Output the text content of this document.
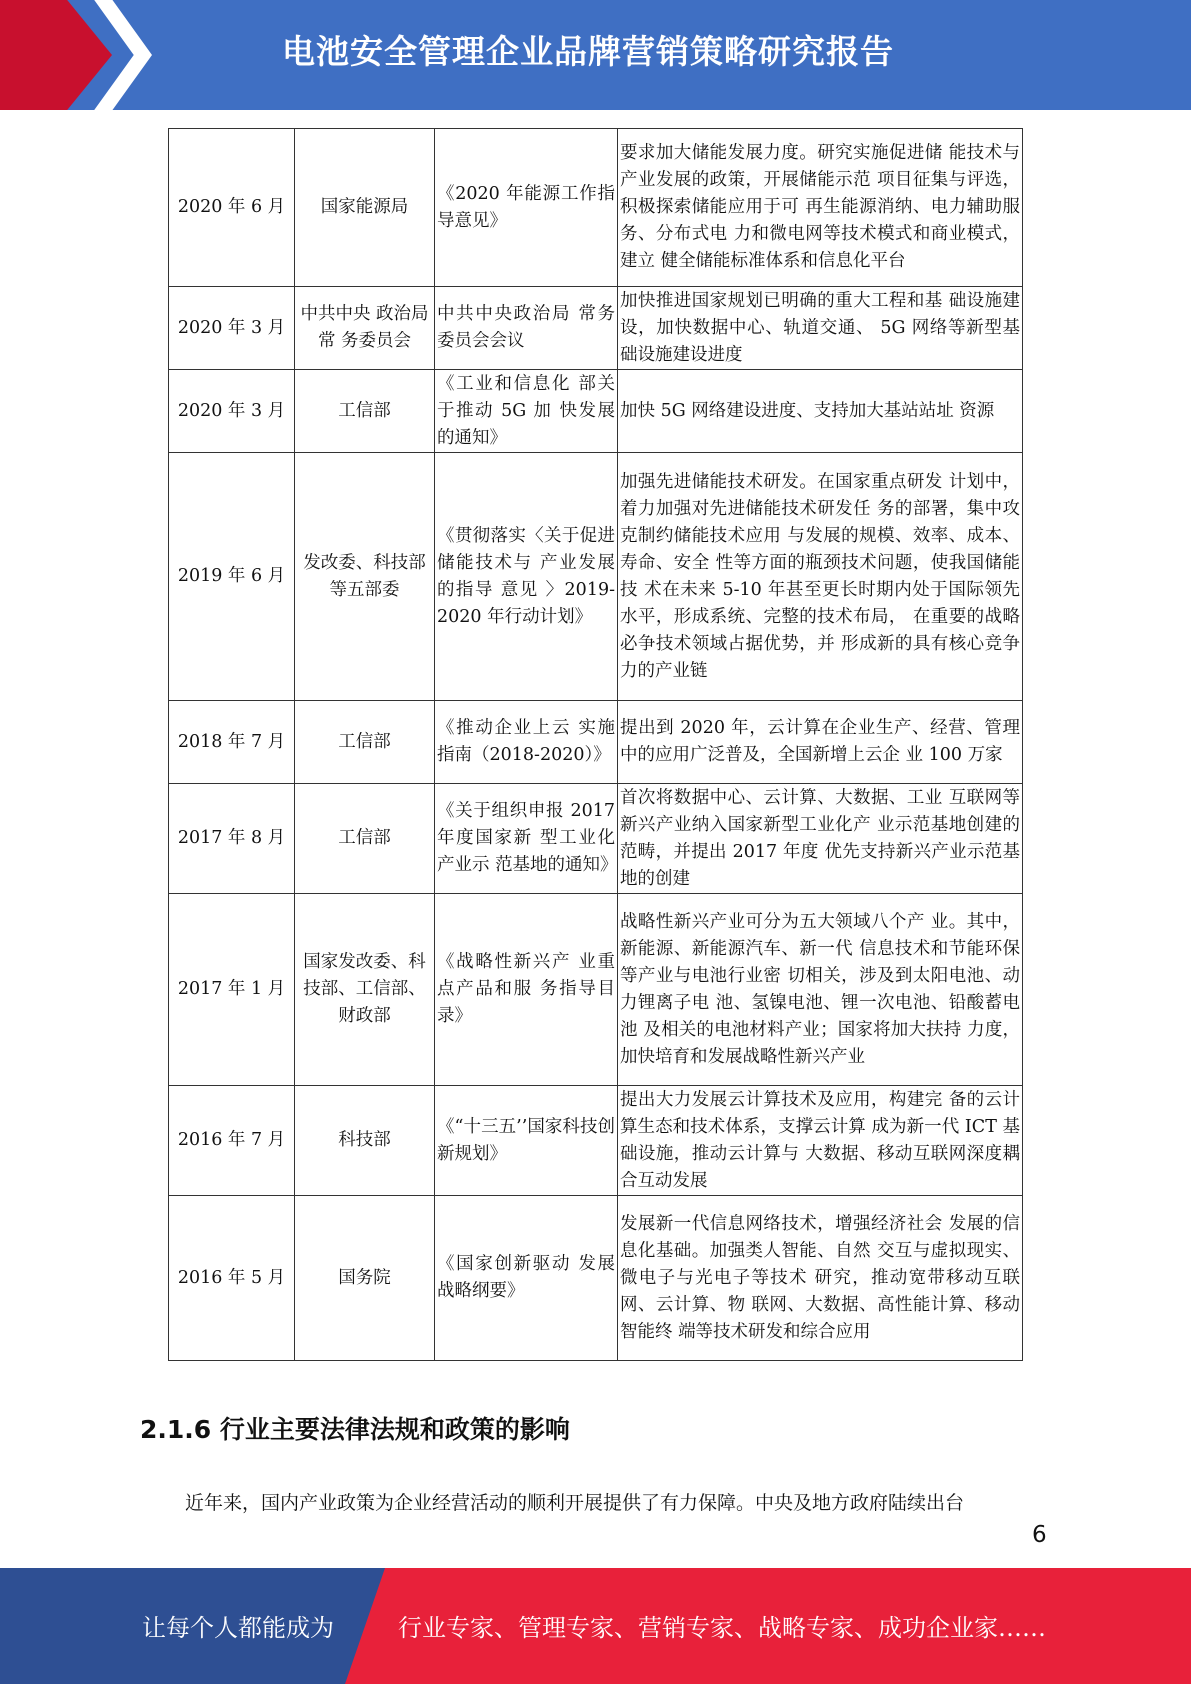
电池安全管理企业品牌营销策略研究报告
2020 年 6 月	国家能源局	《2020 年能源工作指导意见》	要求加大储能发展力度。研究实施促进储 能技术与产业发展的政策，开展储能示范 项目征集与评选，积极探索储能应用于可 再生能源消纳、电力辅助服务、分布式电 力和微电网等技术模式和商业模式，建立 健全储能标准体系和信息化平台
2020 年 3 月	中共中央 政治局常 务委员会	中共中央政治局 常务委员会会议	加快推进国家规划已明确的重大工程和基 础设施建设，加快数据中心、轨道交通、 5G 网络等新型基础设施建设进度
2020 年 3 月	工信部	《工业和信息化 部关于推动 5G 加 快发展的通知》	加快 5G 网络建设进度、支持加大基站站址 资源
2019 年 6 月	发改委、科技部等五部委	《贯彻落实〈关于促进储能技术与 产业发展的指导 意见 〉2019-2020 年行动计划》	加强先进储能技术研发。在国家重点研发 计划中，着力加强对先进储能技术研发任 务的部署，集中攻克制约储能技术应用 与发展的规模、效率、成本、寿命、安全 性等方面的瓶颈技术问题，使我国储能技 术在未来 5-10 年甚至更长时期内处于国际领先水平，形成系统、完整的技术布局， 在重要的战略必争技术领域占据优势，并 形成新的具有核心竞争力的产业链
2018 年 7 月	工信部	《推动企业上云 实施指南（2018-2020）》	提出到 2020 年，云计算在企业生产、经营、管理中的应用广泛普及，全国新增上云企 业 100 万家
2017 年 8 月	工信部	《关于组织申报 2017 年度国家新 型工业化产业示 范基地的通知》	首次将数据中心、云计算、大数据、工业 互联网等新兴产业纳入国家新型工业化产 业示范基地创建的范畴，并提出 2017 年度 优先支持新兴产业示范基地的创建
2017 年 1 月	国家发改委、科技部、工信部、财政部	《战略性新兴产 业重点产品和服 务指导目录》	战略性新兴产业可分为五大领域八个产 业。其中，新能源、新能源汽车、新一代 信息技术和节能环保等产业与电池行业密 切相关，涉及到太阳电池、动力锂离子电 池、氢镍电池、锂一次电池、铅酸蓄电池 及相关的电池材料产业；国家将加大扶持 力度，加快培育和发展战略性新兴产业
2016 年 7 月	科技部	《“十三五’’国家科技创新规划》	提出大力发展云计算技术及应用，构建完 备的云计算生态和技术体系，支撑云计算 成为新一代 ICT 基础设施，推动云计算与 大数据、移动互联网深度耦合互动发展
2016 年 5 月	国务院	《国家创新驱动 发展战略纲要》	发展新一代信息网络技术，增强经济社会 发展的信息化基础。加强类人智能、自然 交互与虚拟现实、微电子与光电子等技术 研究，推动宽带移动互联网、云计算、物 联网、大数据、高性能计算、移动智能终 端等技术研发和综合应用
2.1.6 行业主要法律法规和政策的影响
近年来，国内产业政策为企业经营活动的顺利开展提供了有力保障。中央及地方政府陆续出台
6
让每个人都能成为	行业专家、管理专家、营销专家、战略专家、成功企业家……
